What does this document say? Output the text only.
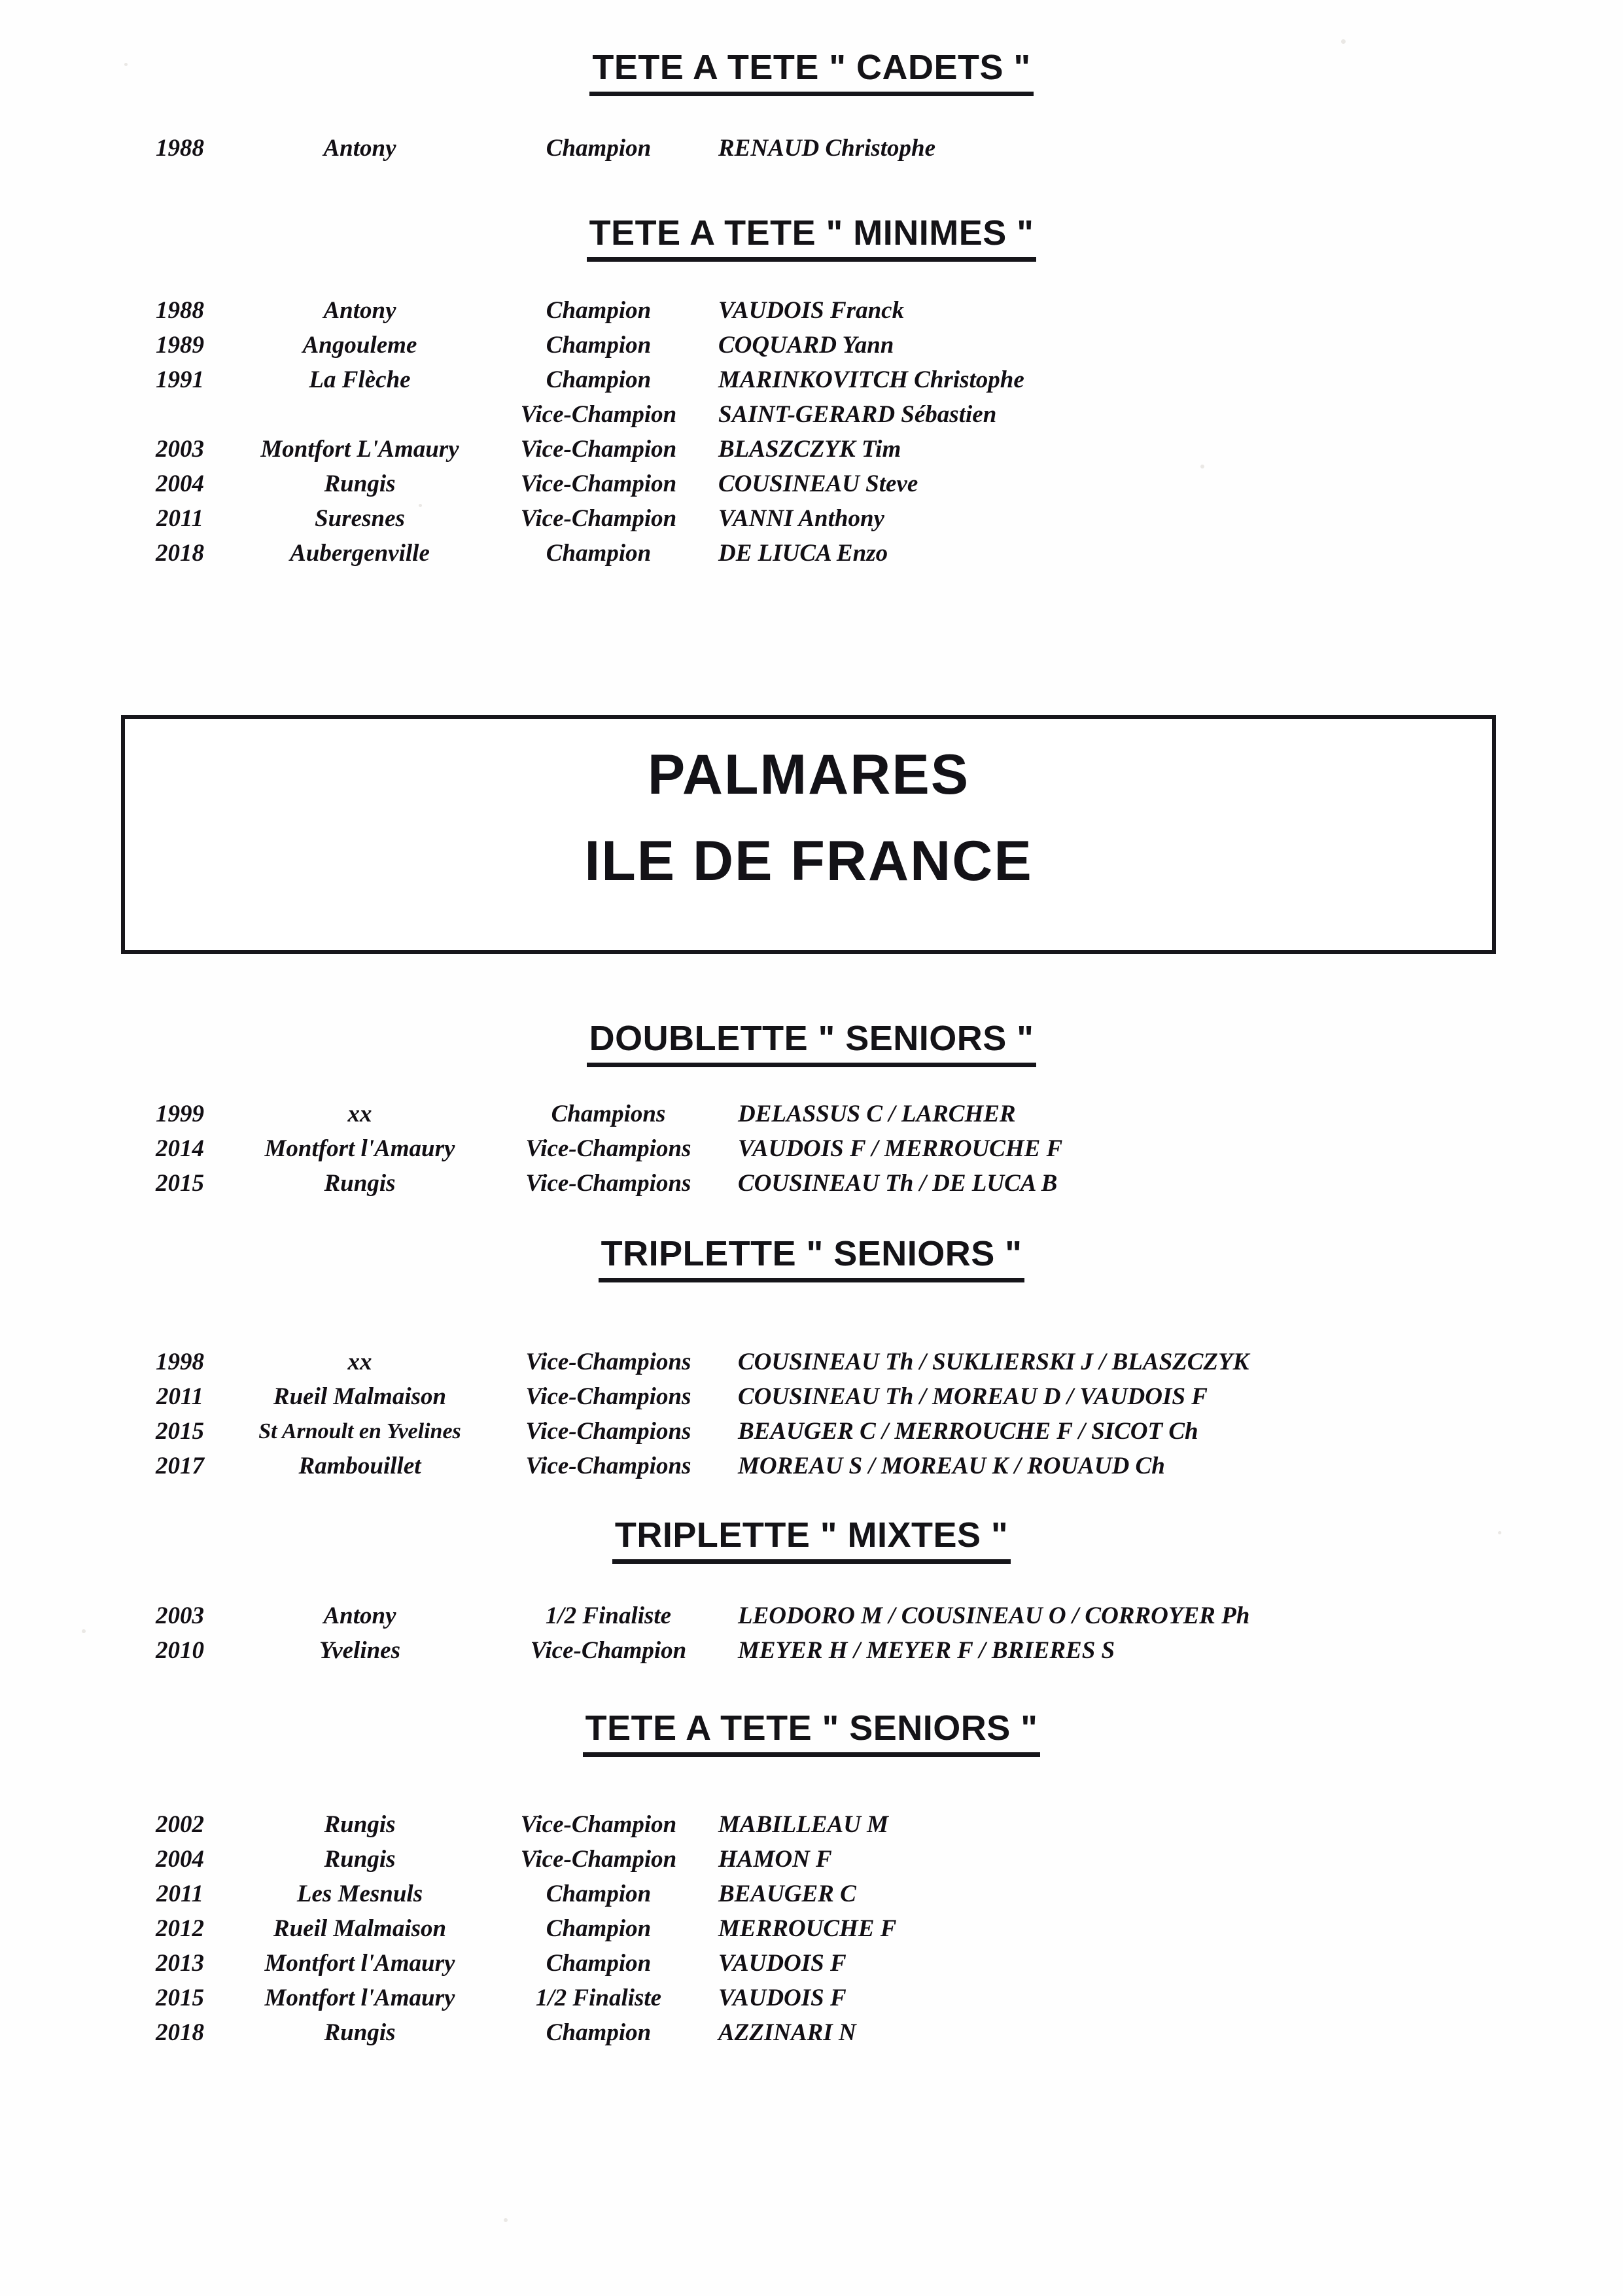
TETE A TETE " CADETS "
1988	Antony	Champion	RENAUD Christophe
TETE A TETE " MINIMES "
1988	Antony	Champion	VAUDOIS Franck
1989	Angouleme	Champion	COQUARD Yann
1991	La Flèche	Champion	MARINKOVITCH Christophe
		Vice-Champion	SAINT-GERARD Sébastien
2003	Montfort L'Amaury	Vice-Champion	BLASZCZYK Tim
2004	Rungis	Vice-Champion	COUSINEAU Steve
2011	Suresnes	Vice-Champion	VANNI Anthony
2018	Aubergenville	Champion	DE LIUCA Enzo
PALMARES
ILE DE FRANCE
DOUBLETTE " SENIORS "
1999	xx	Champions	DELASSUS C / LARCHER
2014	Montfort l'Amaury	Vice-Champions	VAUDOIS F / MERROUCHE F
2015	Rungis	Vice-Champions	COUSINEAU Th / DE LUCA B
TRIPLETTE " SENIORS "
1998	xx	Vice-Champions	COUSINEAU Th / SUKLIERSKI J / BLASZCZYK
2011	Rueil Malmaison	Vice-Champions	COUSINEAU Th / MOREAU D / VAUDOIS F
2015	St Arnoult en Yvelines	Vice-Champions	BEAUGER C / MERROUCHE F / SICOT Ch
2017	Rambouillet	Vice-Champions	MOREAU S / MOREAU K / ROUAUD Ch
TRIPLETTE " MIXTES "
2003	Antony	1/2 Finaliste	LEODORO M / COUSINEAU O / CORROYER Ph
2010	Yvelines	Vice-Champion	MEYER H / MEYER F / BRIERES S
TETE A TETE " SENIORS "
2002	Rungis	Vice-Champion	MABILLEAU M
2004	Rungis	Vice-Champion	HAMON F
2011	Les Mesnuls	Champion	BEAUGER C
2012	Rueil Malmaison	Champion	MERROUCHE F
2013	Montfort l'Amaury	Champion	VAUDOIS F
2015	Montfort l'Amaury	1/2 Finaliste	VAUDOIS F
2018	Rungis	Champion	AZZINARI N
